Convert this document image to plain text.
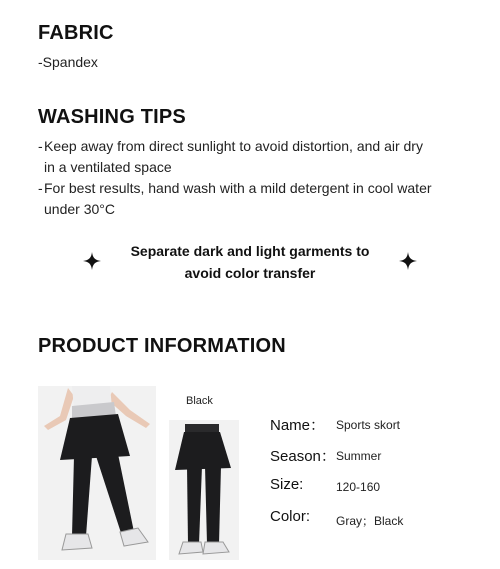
FABRIC
-Spandex
WASHING TIPS
- Keep away from direct sunlight to avoid distortion, and air dry
in a ventilated space
- For best results, hand wash with a mild detergent in cool water
under 30°C
Separate dark and light garments to
avoid color transfer
PRODUCT INFORMATION
Black
Name： Sports skort
Season： Summer
Size:	120-160
Color: Gray；Black
